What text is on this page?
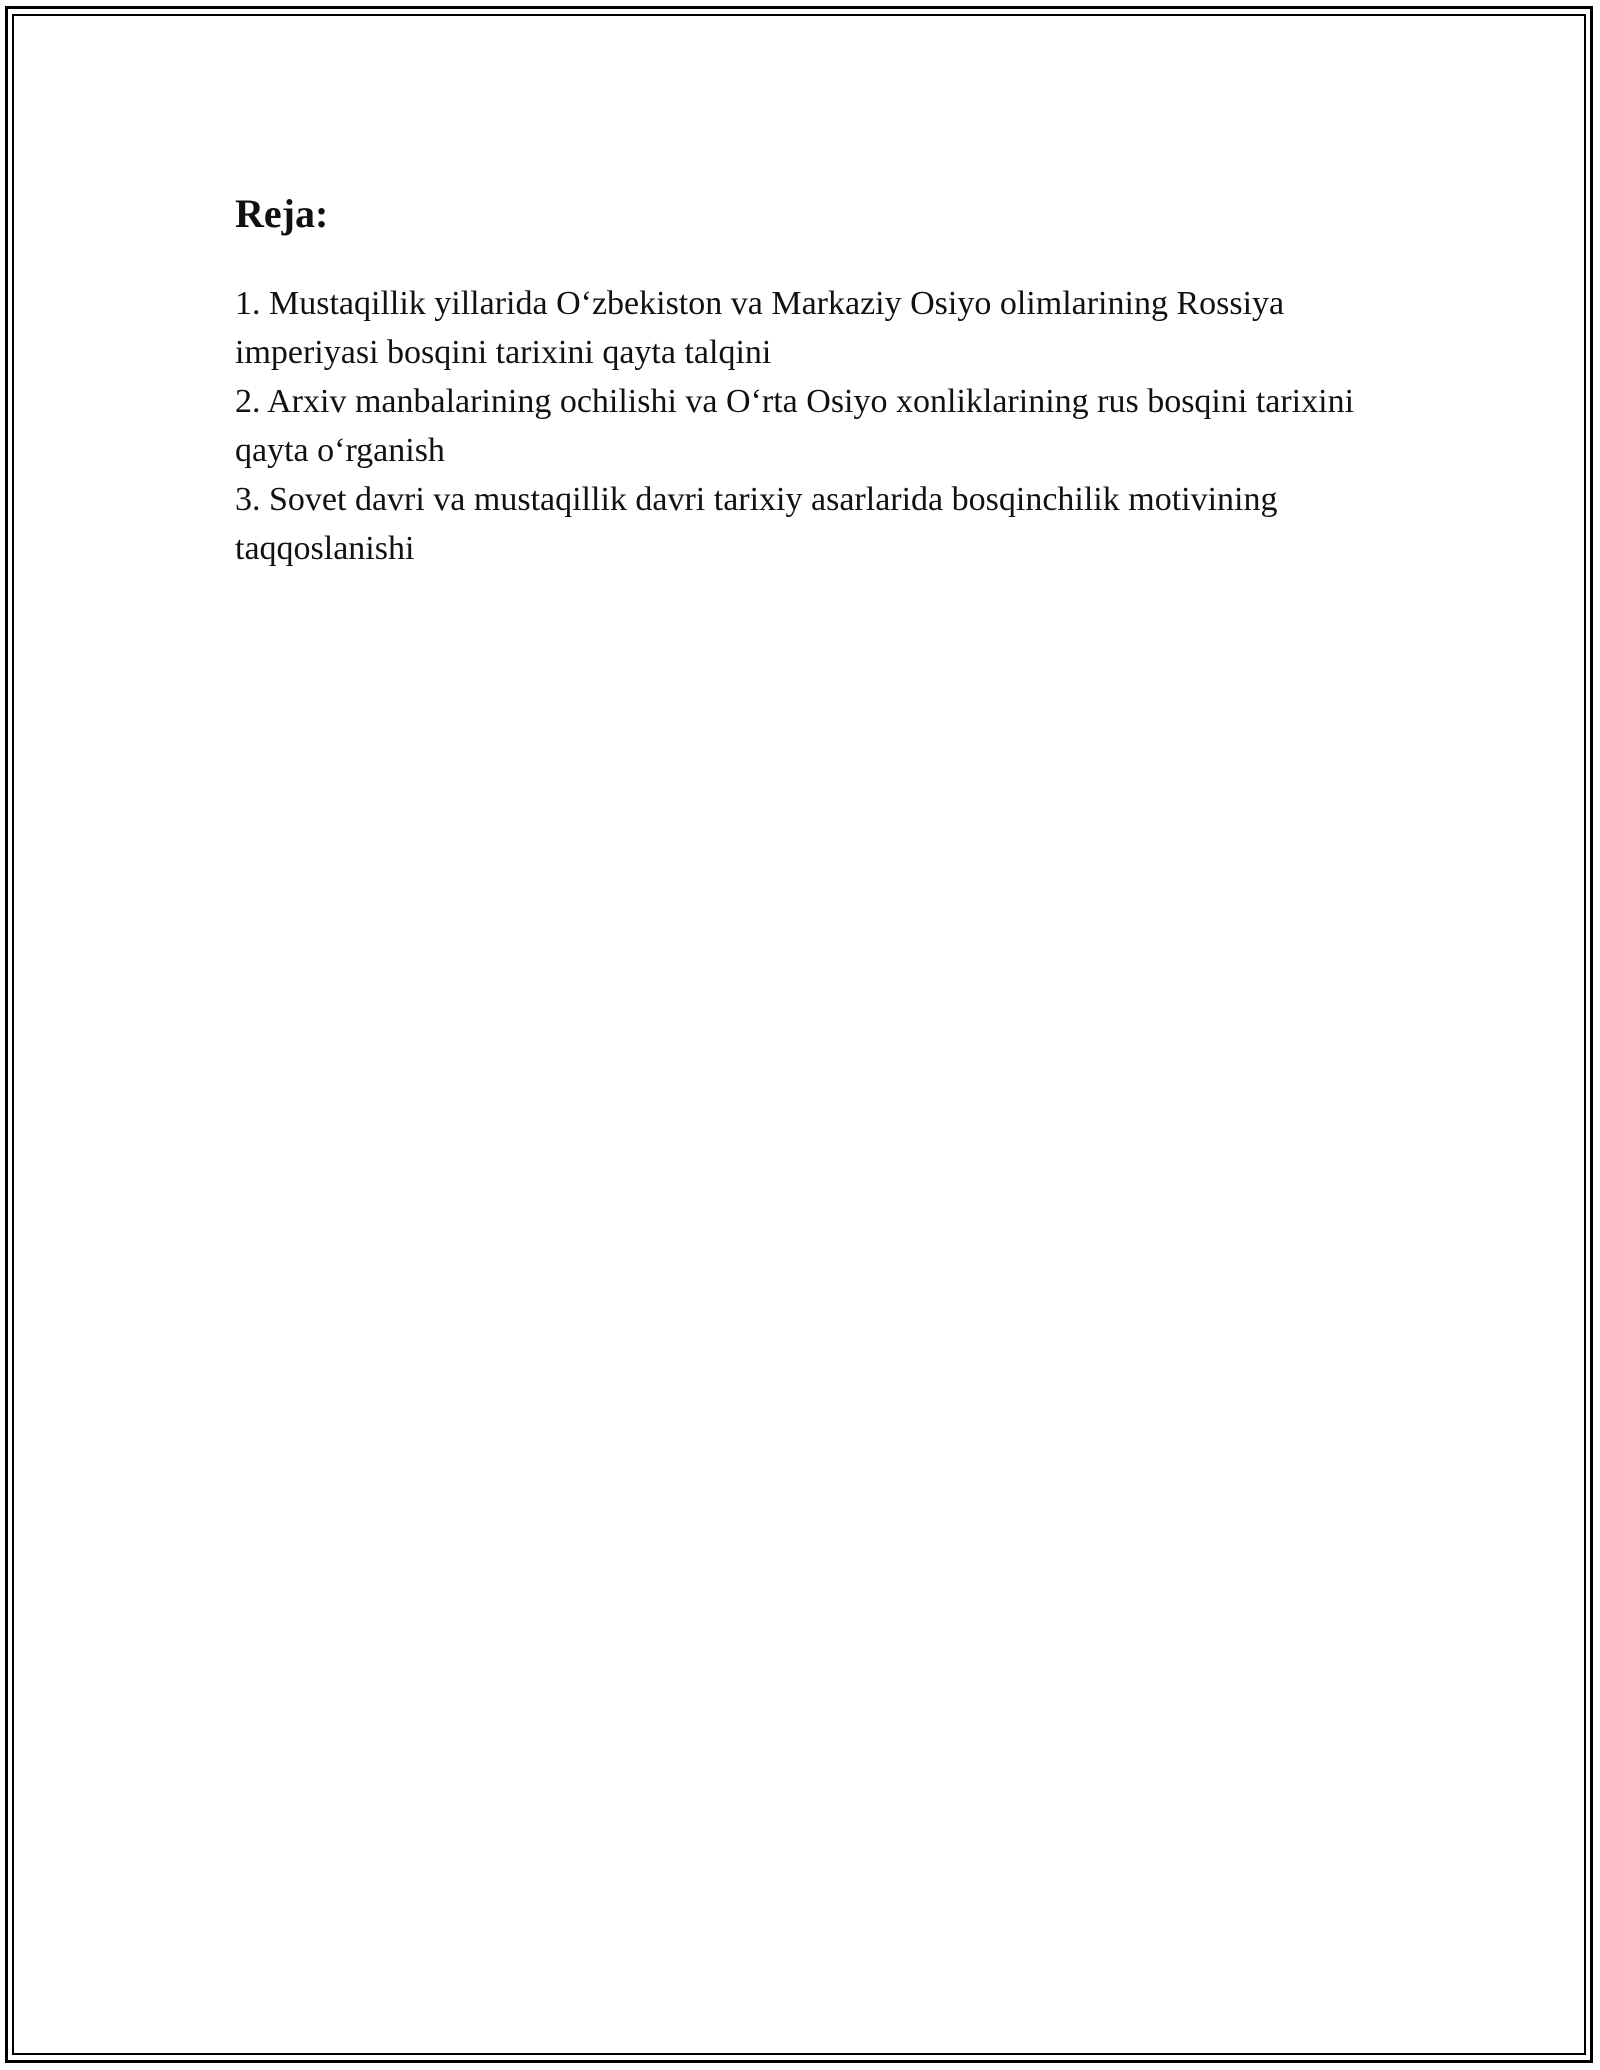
Reja:
1. Mustaqillik yillarida O‘zbekiston va Markaziy Osiyo olimlarining Rossiya imperiyasi bosqini tarixini qayta talqini
2. Arxiv manbalarining ochilishi va O‘rta Osiyo xonliklarining rus bosqini tarixini qayta o‘rganish
3. Sovet davri va mustaqillik davri tarixiy asarlarida bosqinchilik motivining taqqoslanishi
